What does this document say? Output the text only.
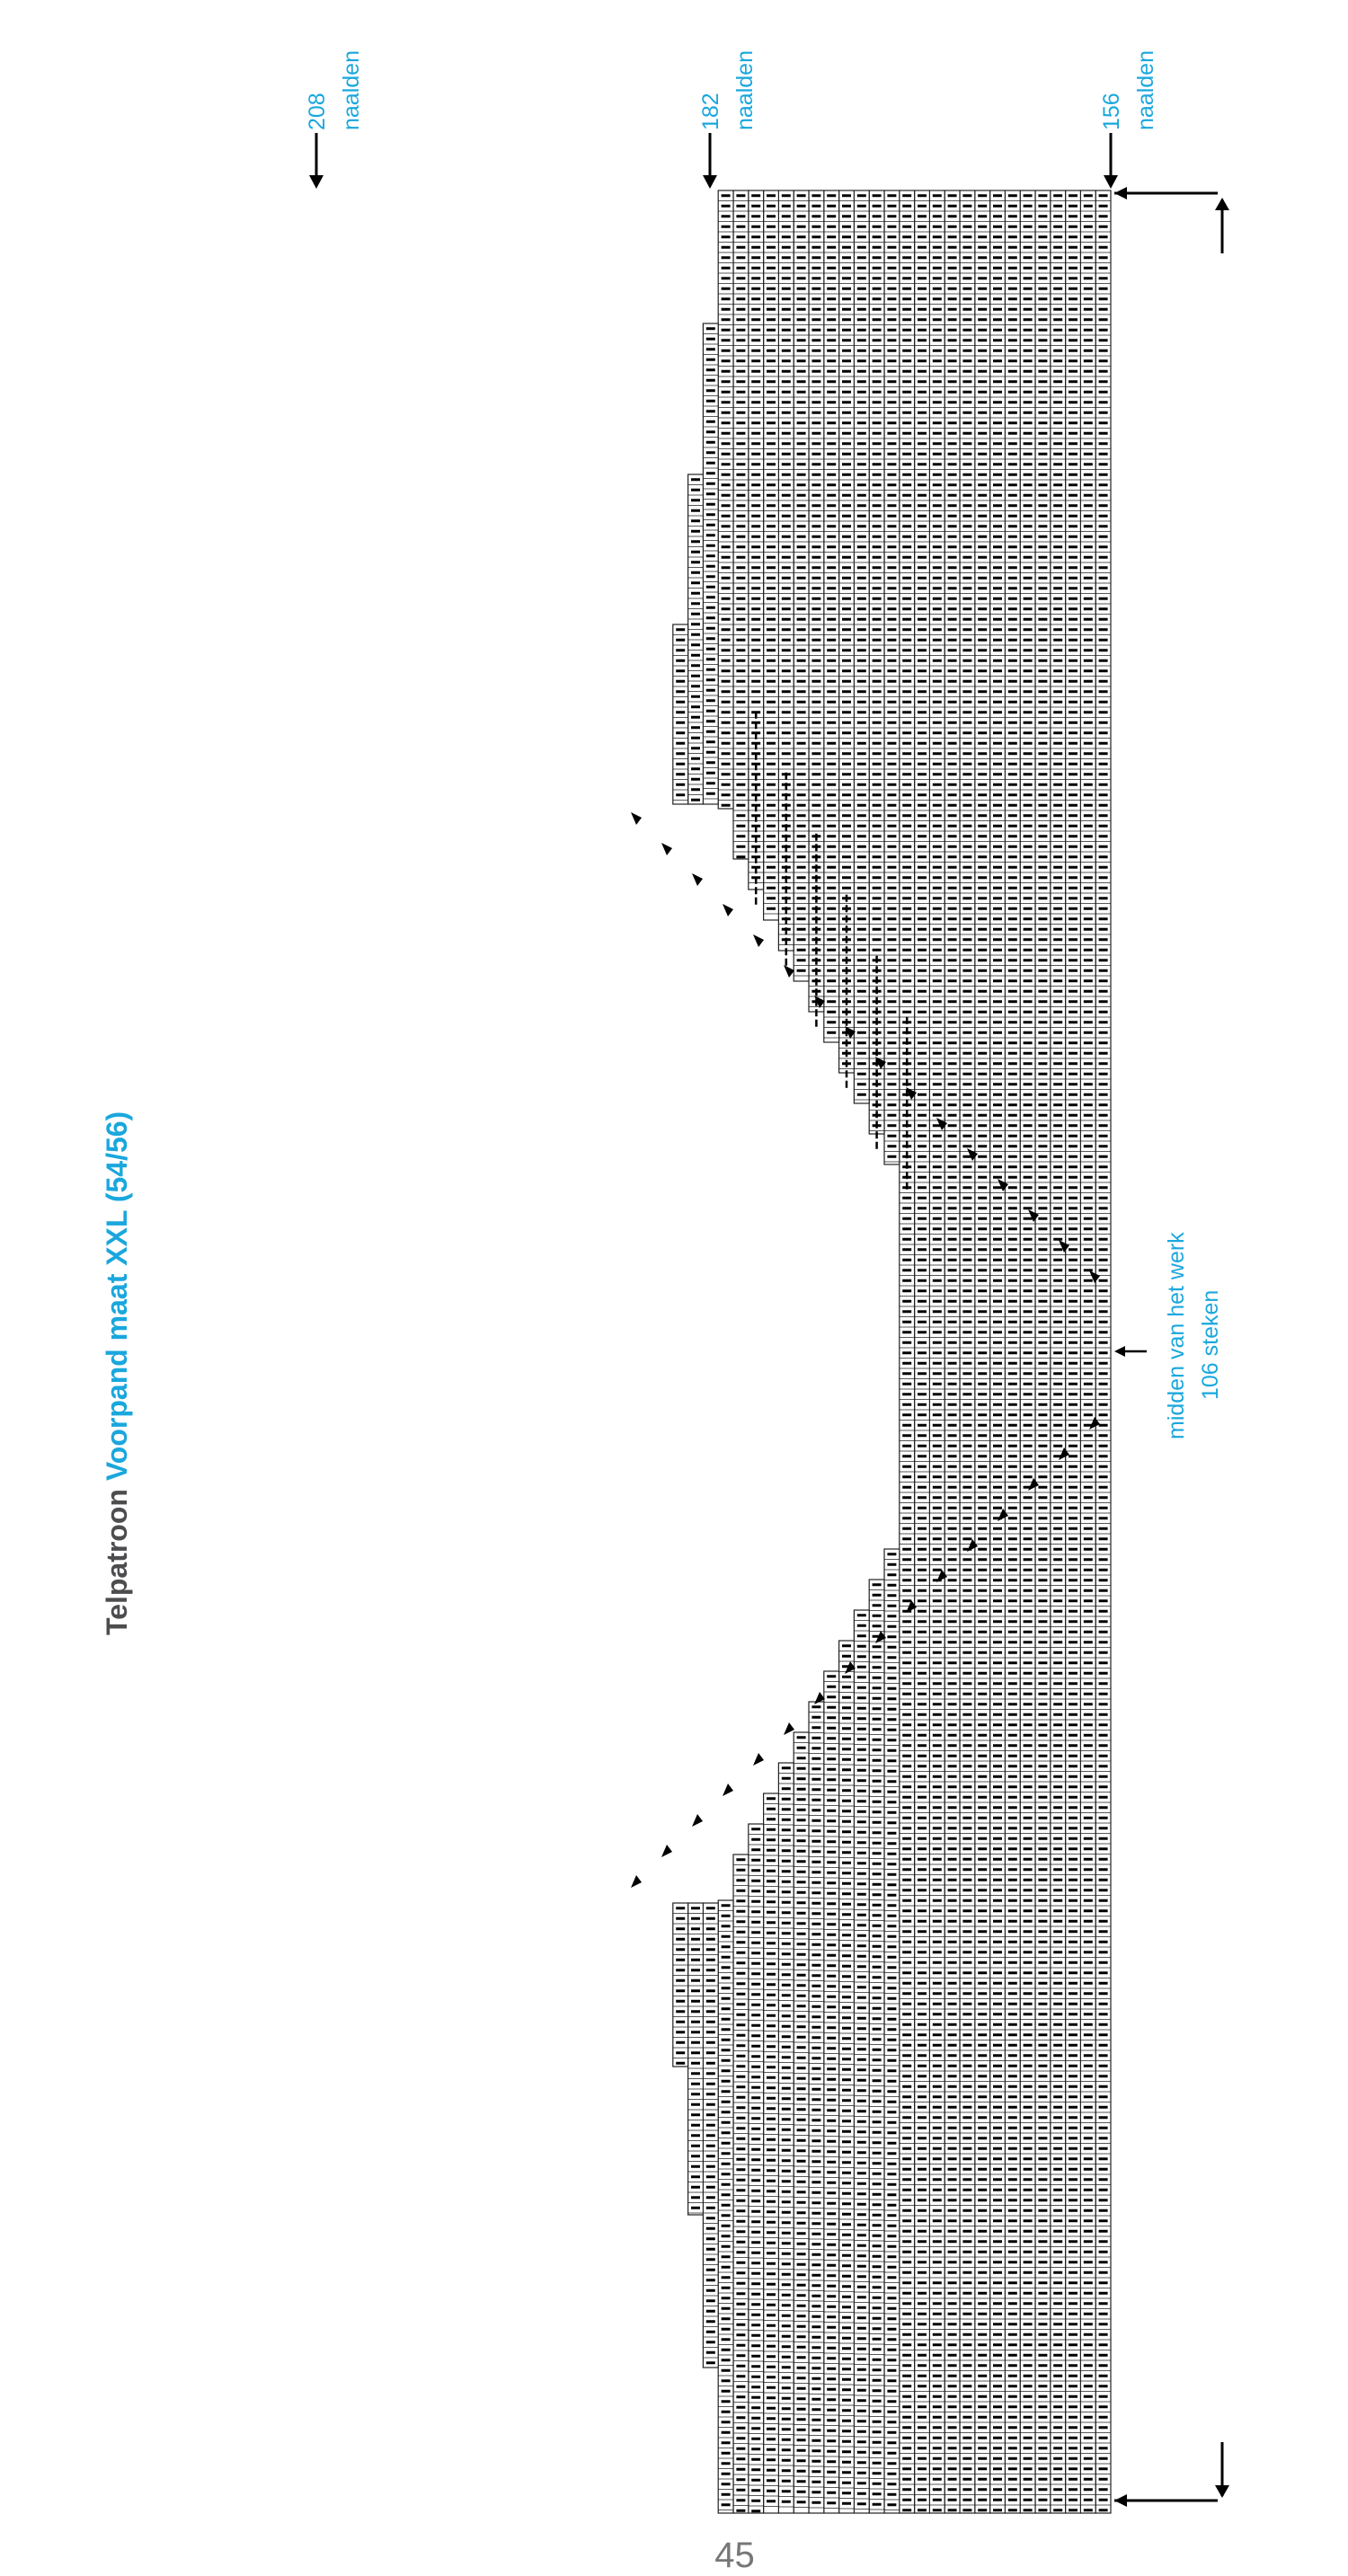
Telpatroon Voorpand maat XXL (54/56)
208 naalden	182 naalden	156 naalden
midden van het werk 106 steken
45
